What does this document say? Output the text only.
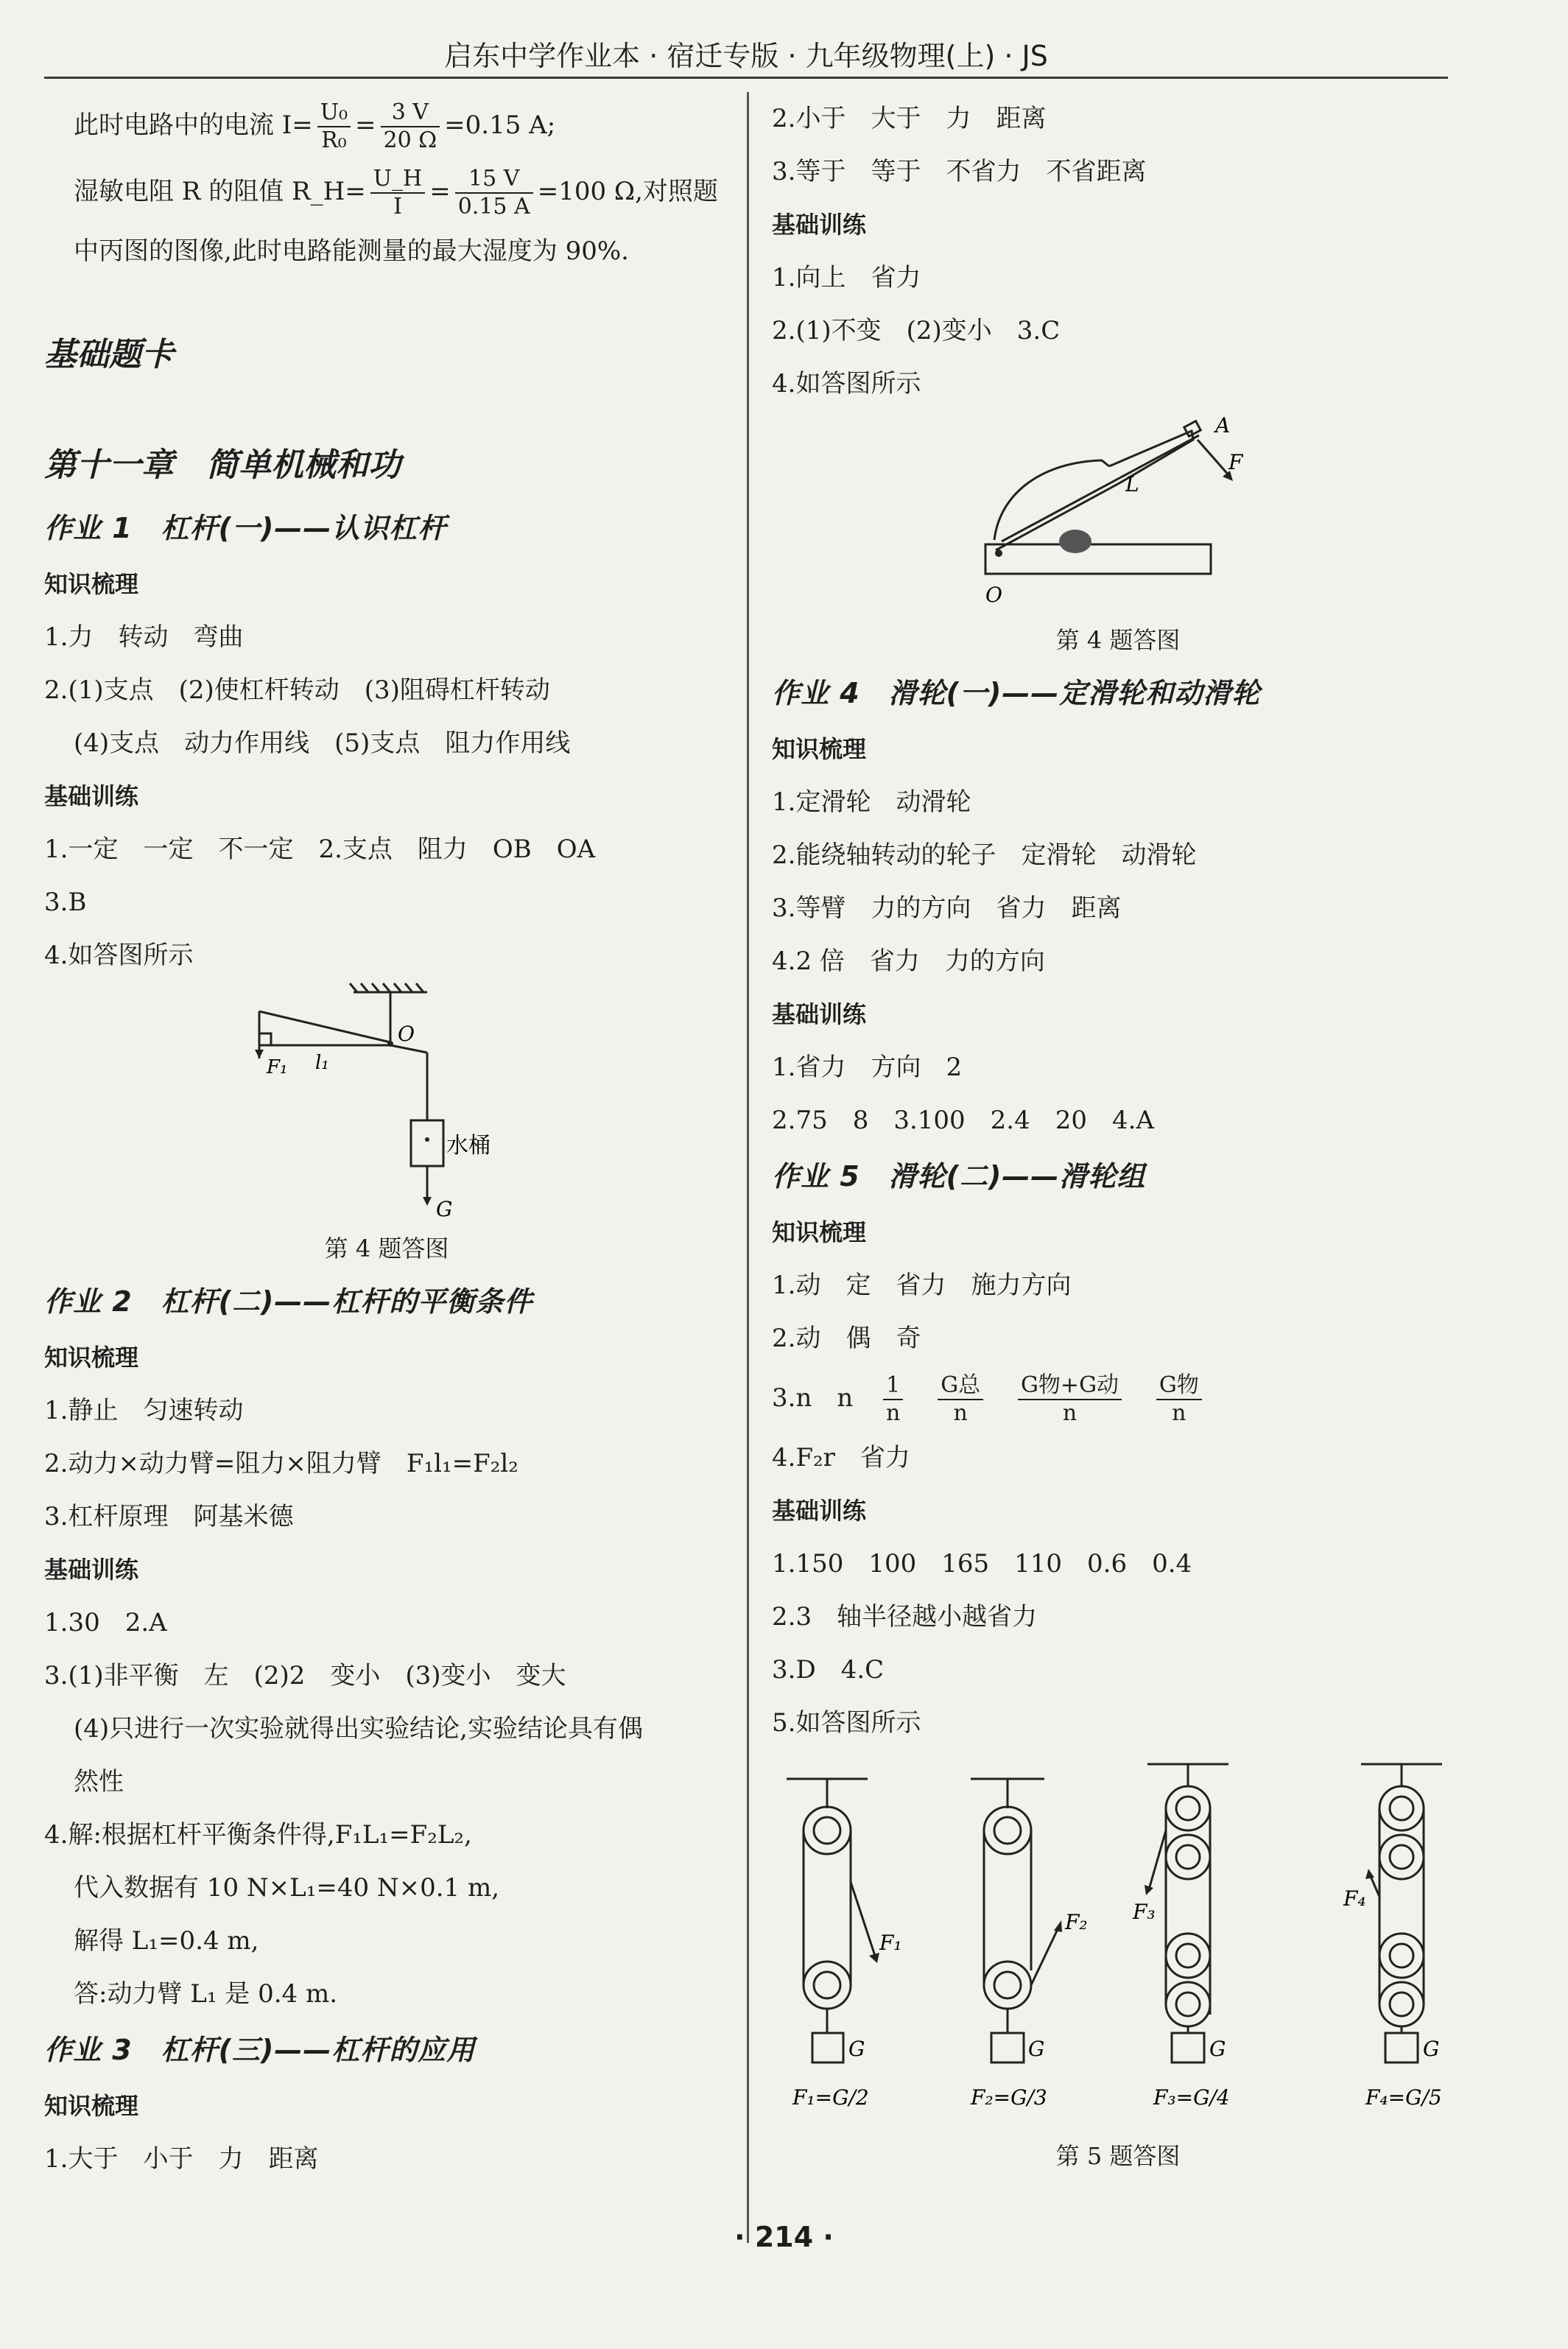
启东中学作业本 · 宿迁专版 · 九年级物理(上) · JS
此时电路中的电流 $I= \frac{\text{U₀}}{\text{R₀}} = \frac{3 V}{20 \Omega} =0.15$ A;
湿敏电阻 R 的阻值 R_H= $\frac{U\_H}{I} = \frac{15 V}{0.15 A} =100$ Ω,对照题
中丙图的图像,此时电路能测量的最大湿度为 90%.
基础题卡
第十一章　简单机械和功
作业 1　杠杆(一)——认识杠杆
知识梳理
1.力　转动　弯曲
2.(1)支点　(2)使杠杆转动　(3)阻碍杠杆转动
(4)支点　动力作用线　(5)支点　阻力作用线
基础训练
1.一定　一定　不一定　2.支点　阻力　OB　OA
3.B
4.如答图所示
O
l₁
F₁
水桶
G
第 4 题答图
作业 2　杠杆(二)——杠杆的平衡条件
知识梳理
1.静止　匀速转动
2.动力×动力臂=阻力×阻力臂　F₁l₁=F₂l₂
3.杠杆原理　阿基米德
基础训练
1.30　2.A
3.(1)非平衡　左　(2)2　变小　(3)变小　变大
(4)只进行一次实验就得出实验结论,实验结论具有偶
然性
4.解:根据杠杆平衡条件得,F₁L₁=F₂L₂,
代入数据有 10 N×L₁=40 N×0.1 m,
解得 L₁=0.4 m,
答:动力臂 L₁ 是 0.4 m.
作业 3　杠杆(三)——杠杆的应用
知识梳理
1.大于　小于　力　距离
2.小于　大于　力　距离
3.等于　等于　不省力　不省距离
基础训练
1.向上　省力
2.(1)不变　(2)变小　3.C
4.如答图所示
A
F
L
O
第 4 题答图
作业 4　滑轮(一)——定滑轮和动滑轮
知识梳理
1.定滑轮　动滑轮
2.能绕轴转动的轮子　定滑轮　动滑轮
3.等臂　力的方向　省力　距离
4.2 倍　省力　力的方向
基础训练
1.省力　方向　2
2.75　8　3.100　2.4　20　4.A
作业 5　滑轮(二)——滑轮组
知识梳理
1.动　定　省力　施力方向
2.动　偶　奇
3.n　n $\frac{1}{n}$
$\frac{\text{G总}}{n}$
$\frac{\text{G物+G动}}{n}$
$\frac{\text{G物}}{n}$
4.F₂r　省力
基础训练
1.150　100　165　110　0.6　0.4
2.3　轴半径越小越省力
3.D　4.C
5.如答图所示
F₁
F₂ F₃
F₄
G	G	G	G
F₁=G/2	F₂=G/3	F₃=G/4	F₄=G/5
第 5 题答图
· 214 ·
